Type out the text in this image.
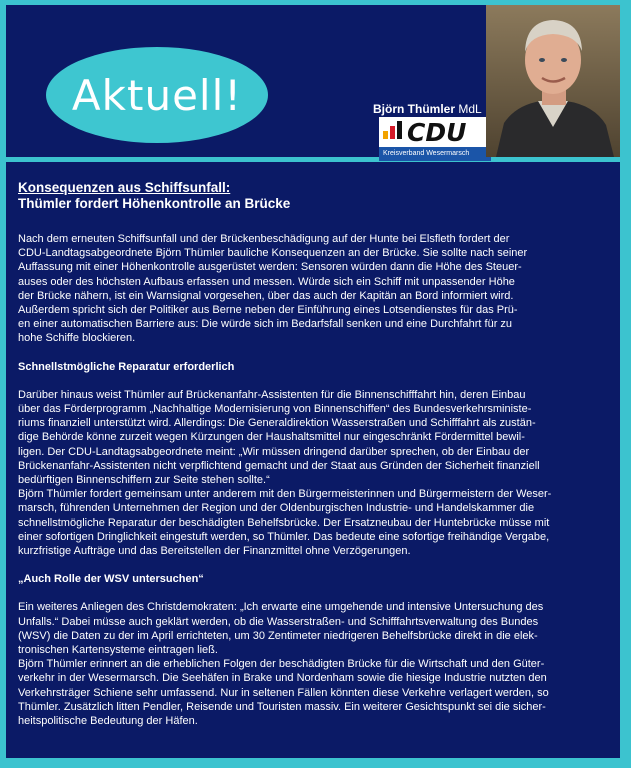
Aktuell!	Björn Thümler MdL
CDU
Kreisverband Wesermarsch
Konsequenzen aus Schiffsunfall:
Thümler fordert Höhenkontrolle an Brücke

Nach dem erneuten Schiffsunfall und der Brückenbeschädigung auf der Hunte bei Elsfleth fordert der
CDU-Landtagsabgeordnete Björn Thümler bauliche Konsequenzen an der Brücke. Sie sollte nach seiner
Auffassung mit einer Höhenkontrolle ausgerüstet werden: Sensoren würden dann die Höhe des Steuer-
auses oder des höchsten Aufbaus erfassen und messen. Würde sich ein Schiff mit unpassender Höhe
der Brücke nähern, ist ein Warnsignal vorgesehen, über das auch der Kapitän an Bord informiert wird.
Außerdem spricht sich der Politiker aus Berne neben der Einführung eines Lotsendienstes für das Prü-
en einer automatischen Barriere aus: Die würde sich im Bedarfsfall senken und eine Durchfahrt für zu
hohe Schiffe blockieren.

Schnellstmögliche Reparatur erforderlich

Darüber hinaus weist Thümler auf Brückenanfahr-Assistenten für die Binnenschifffahrt hin, deren Einbau
über das Förderprogramm „Nachhaltige Modernisierung von Binnenschiffen“ des Bundesverkehrsministe-
riums finanziell unterstützt wird. Allerdings: Die Generaldirektion Wasserstraßen und Schifffahrt als zustän-
dige Behörde könne zurzeit wegen Kürzungen der Haushaltsmittel nur eingeschränkt Fördermittel bewil-
ligen. Der CDU-Landtagsabgeordnete meint: „Wir müssen dringend darüber sprechen, ob der Einbau der
Brückenanfahr-Assistenten nicht verpflichtend gemacht und der Staat aus Gründen der Sicherheit finanziell
bedürftigen Binnenschiffern zur Seite stehen sollte.“
Björn Thümler fordert gemeinsam unter anderem mit den Bürgermeisterinnen und Bürgermeistern der Weser-
marsch, führenden Unternehmen der Region und der Oldenburgischen Industrie- und Handelskammer die
schnellstmögliche Reparatur der beschädigten Behelfsbrücke. Der Ersatzneubau der Huntebrücke müsse mit
einer sofortigen Dringlichkeit eingestuft werden, so Thümler. Das bedeute eine sofortige freihändige Vergabe,
kurzfristige Aufträge und das Bereitstellen der Finanzmittel ohne Verzögerungen.

„Auch Rolle der WSV untersuchen“

Ein weiteres Anliegen des Christdemokraten: „Ich erwarte eine umgehende und intensive Untersuchung des
Unfalls.“ Dabei müsse auch geklärt werden, ob die Wasserstraßen- und Schifffahrtsverwaltung des Bundes
(WSV) die Daten zu der im April errichteten, um 30 Zentimeter niedrigeren Behelfsbrücke direkt in die elek-
tronischen Kartensysteme eintragen ließ.
Björn Thümler erinnert an die erheblichen Folgen der beschädigten Brücke für die Wirtschaft und den Güter-
verkehr in der Wesermarsch. Die Seehäfen in Brake und Nordenham sowie die hiesige Industrie nutzten den
Verkehrsträger Schiene sehr umfassend. Nur in seltenen Fällen könnten diese Verkehre verlagert werden, so
Thümler. Zusätzlich litten Pendler, Reisende und Touristen massiv. Ein weiterer Gesichtspunkt sei die sicher-
heitspolitische Bedeutung der Häfen.
